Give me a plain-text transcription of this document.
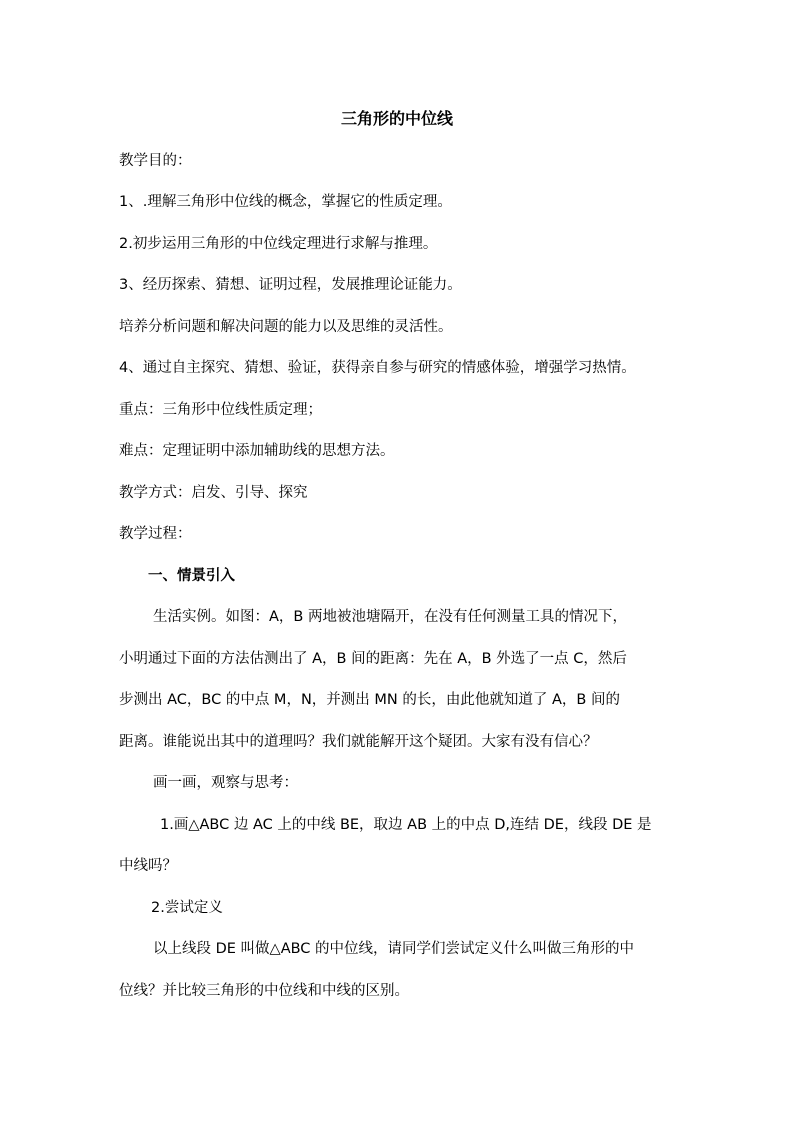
三角形的中位线
教学目的：
1、.理解三角形中位线的概念，掌握它的性质定理。
2.初步运用三角形的中位线定理进行求解与推理。
3、经历探索、猜想、证明过程，发展推理论证能力。
培养分析问题和解决问题的能力以及思维的灵活性。
4、通过自主探究、猜想、验证，获得亲自参与研究的情感体验，增强学习热情。
重点：三角形中位线性质定理；
难点：定理证明中添加辅助线的思想方法。
教学方式：启发、引导、探究
教学过程：
一、情景引入
生活实例。如图：A，B 两地被池塘隔开，在没有任何测量工具的情况下，
小明通过下面的方法估测出了 A，B 间的距离：先在 A，B 外选了一点 C，然后
步测出 AC，BC 的中点 M，N，并测出 MN 的长，由此他就知道了 A，B 间的
距离。谁能说出其中的道理吗？我们就能解开这个疑团。大家有没有信心？
画一画，观察与思考：
1.画△ABC 边 AC 上的中线 BE，取边 AB 上的中点 D,连结 DE，线段 DE 是
中线吗？
2.尝试定义
以上线段 DE 叫做△ABC 的中位线，请同学们尝试定义什么叫做三角形的中
位线？并比较三角形的中位线和中线的区别。
